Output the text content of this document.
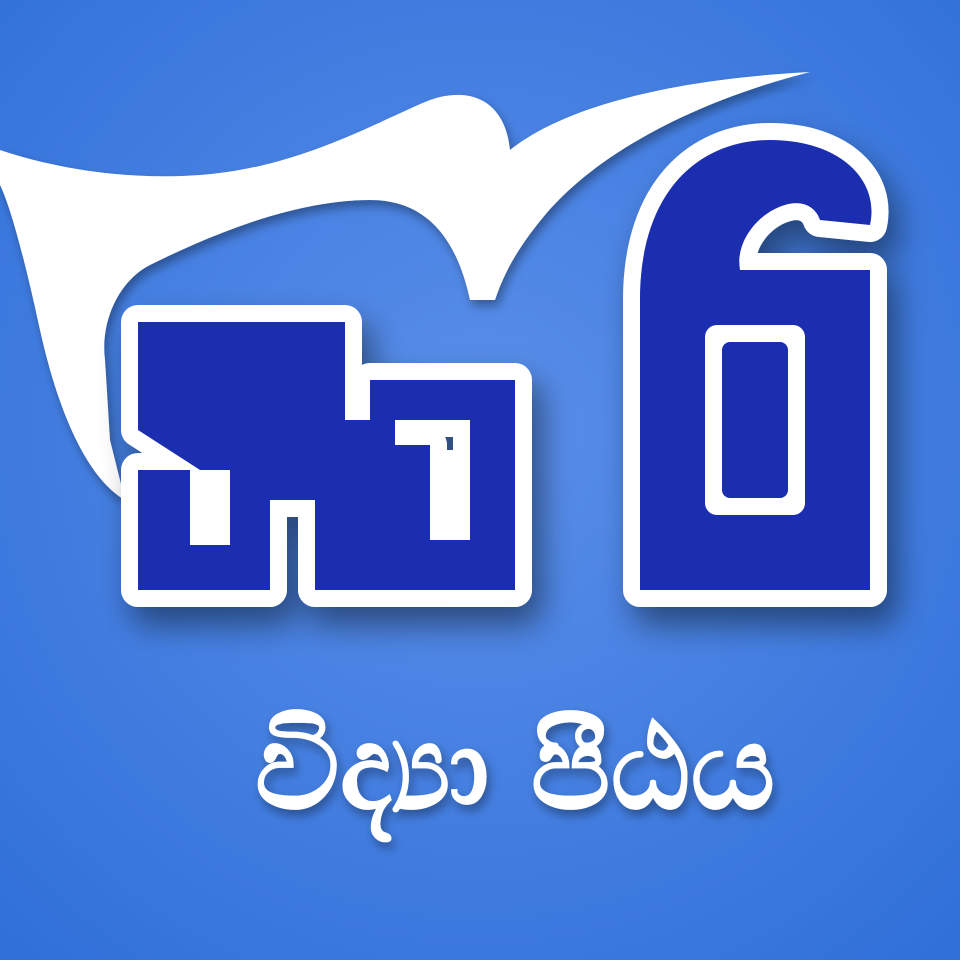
විද්‍යා පීඨය
